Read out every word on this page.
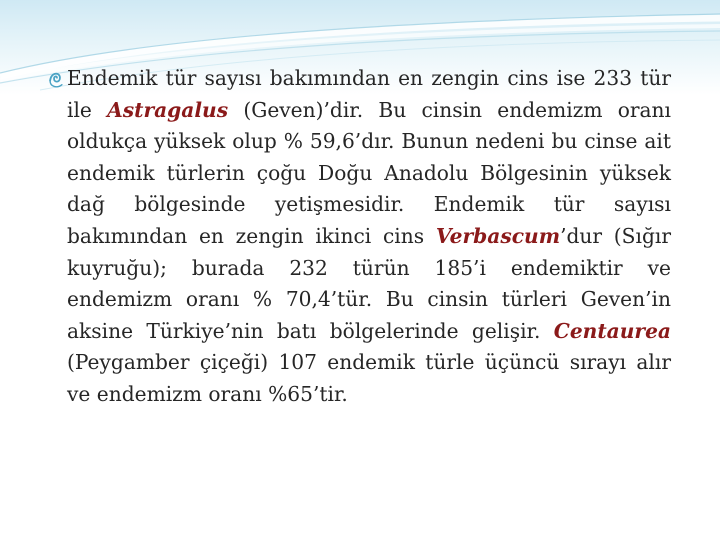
Endemik tür sayısı bakımından en zengin cins ise 233 tür ile Astragalus (Geven)’dir. Bu cinsin endemizm oranı oldukça yüksek olup % 59,6’dır. Bunun nedeni bu cinse ait endemik türlerin çoğu Doğu Anadolu Bölgesinin yüksek dağ bölgesinde yetişmesidir. Endemik tür sayısı bakımından en zengin ikinci cins Verbascum’dur (Sığır kuyruğu); burada 232 türün 185’i endemiktir ve endemizm oranı % 70,4’tür. Bu cinsin türleri Geven’in aksine Türkiye’nin batı bölgelerinde gelişir. Centaurea (Peygamber çiçeği) 107 endemik türle üçüncü sırayı alır ve endemizm oranı %65’tir.
